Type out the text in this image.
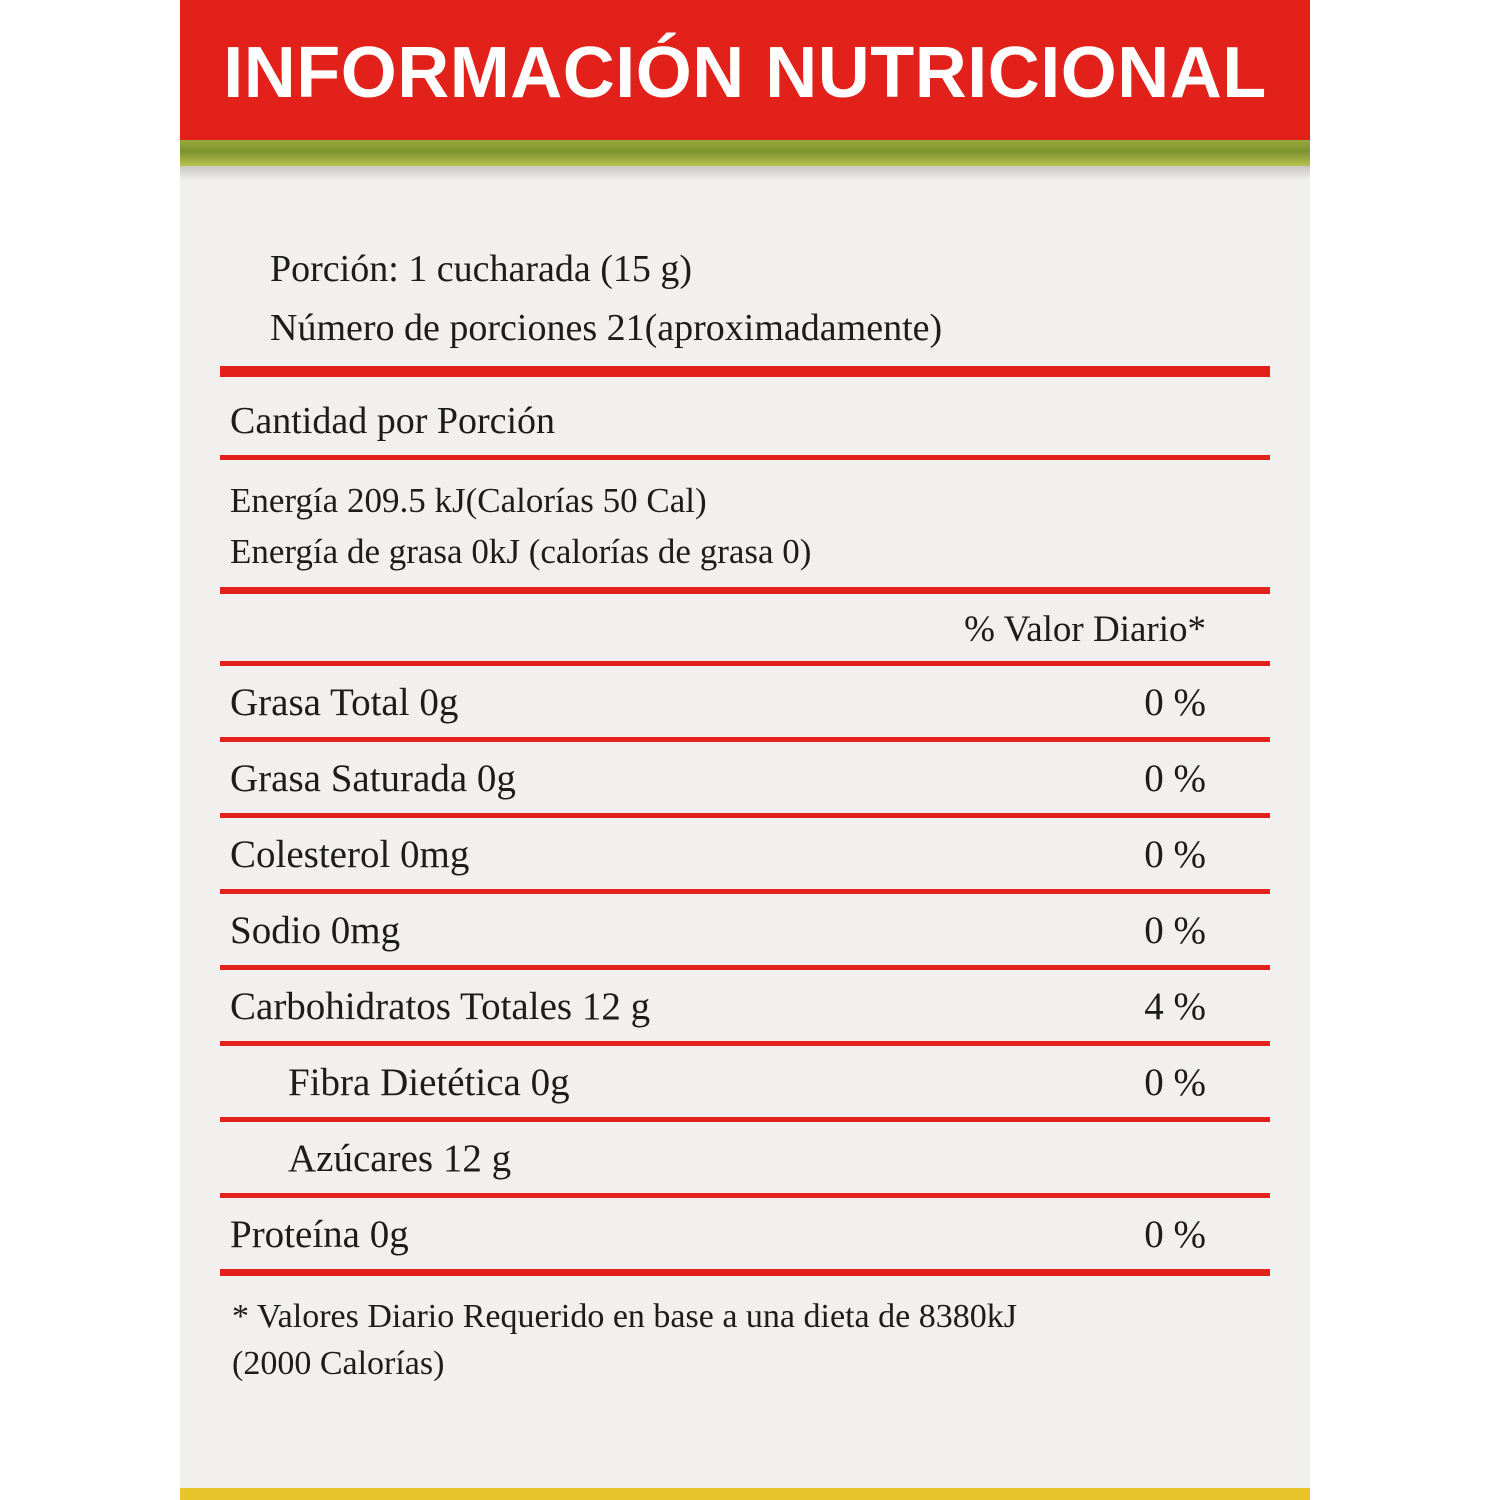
INFORMACIÓN NUTRICIONAL
Porción: 1 cucharada (15 g)
Número de porciones 21(aproximadamente)
Cantidad por Porción
Energía 209.5 kJ(Calorías 50 Cal)
Energía de grasa 0kJ (calorías de grasa 0)
% Valor Diario*
Grasa Total 0g	0 %
Grasa Saturada 0g	0 %
Colesterol 0mg	0 %
Sodio 0mg	0 %
Carbohidratos Totales 12 g	4 %
Fibra Dietética 0g	0 %
Azúcares 12 g
Proteína 0g	0 %
* Valores Diario Requerido en base a una dieta de 8380kJ
(2000 Calorías)
